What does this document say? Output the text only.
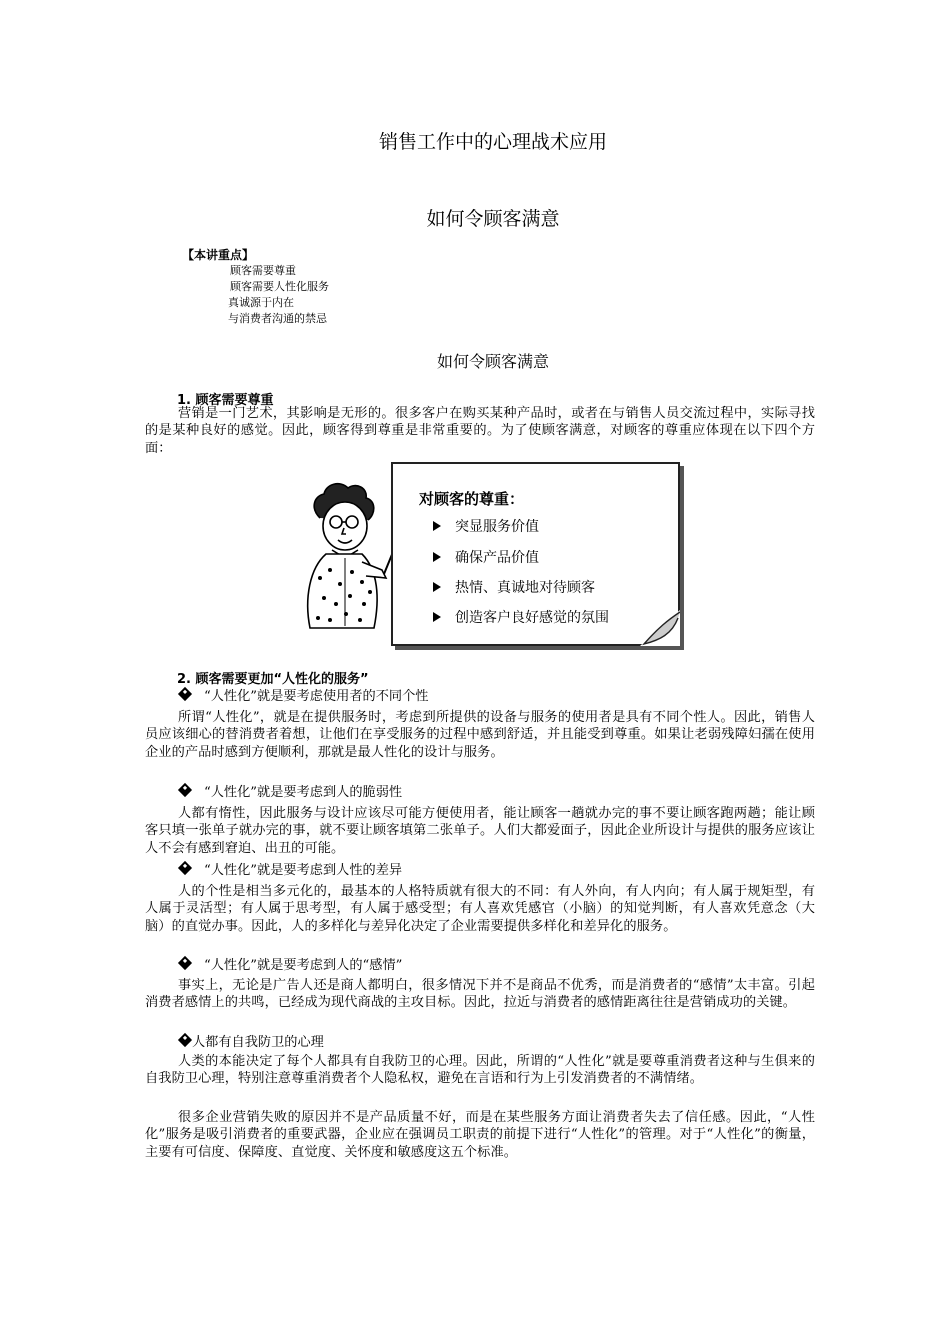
销售工作中的心理战术应用
如何令顾客满意
【本讲重点】
顾客需要尊重
顾客需要人性化服务
真诚源于内在
与消费者沟通的禁忌
如何令顾客满意
1. 顾客需要尊重
营销是一门艺术，其影响是无形的。很多客户在购买某种产品时，或者在与销售人员交流过程中，实际寻找的是某种良好的感觉。因此，顾客得到尊重是非常重要的。为了使顾客满意，对顾客的尊重应体现在以下四个方面：
对顾客的尊重：
突显服务价值
确保产品价值
热情、真诚地对待顾客
创造客户良好感觉的氛围
2. 顾客需要更加“人性化的服务”
“人性化”就是要考虑使用者的不同个性
所谓“人性化”，就是在提供服务时，考虑到所提供的设备与服务的使用者是具有不同个性人。因此，销售人员应该细心的替消费者着想，让他们在享受服务的过程中感到舒适，并且能受到尊重。如果让老弱残障妇孺在使用企业的产品时感到方便顺利，那就是最人性化的设计与服务。
“人性化”就是要考虑到人的脆弱性
人都有惰性，因此服务与设计应该尽可能方便使用者，能让顾客一趟就办完的事不要让顾客跑两趟；能让顾客只填一张单子就办完的事，就不要让顾客填第二张单子。人们大都爱面子，因此企业所设计与提供的服务应该让人不会有感到窘迫、出丑的可能。
“人性化”就是要考虑到人性的差异
人的个性是相当多元化的，最基本的人格特质就有很大的不同：有人外向，有人内向；有人属于规矩型，有人属于灵活型；有人属于思考型，有人属于感受型；有人喜欢凭感官（小脑）的知觉判断，有人喜欢凭意念（大脑）的直觉办事。因此，人的多样化与差异化决定了企业需要提供多样化和差异化的服务。
“人性化”就是要考虑到人的“感情”
事实上，无论是广告人还是商人都明白，很多情况下并不是商品不优秀，而是消费者的“感情”太丰富。引起消费者感情上的共鸣，已经成为现代商战的主攻目标。因此，拉近与消费者的感情距离往往是营销成功的关键。
人都有自我防卫的心理
人类的本能决定了每个人都具有自我防卫的心理。因此，所谓的“人性化”就是要尊重消费者这种与生俱来的自我防卫心理，特别注意尊重消费者个人隐私权，避免在言语和行为上引发消费者的不满情绪。
很多企业营销失败的原因并不是产品质量不好，而是在某些服务方面让消费者失去了信任感。因此，“人性化”服务是吸引消费者的重要武器，企业应在强调员工职责的前提下进行“人性化”的管理。对于“人性化”的衡量，主要有可信度、保障度、直觉度、关怀度和敏感度这五个标准。
